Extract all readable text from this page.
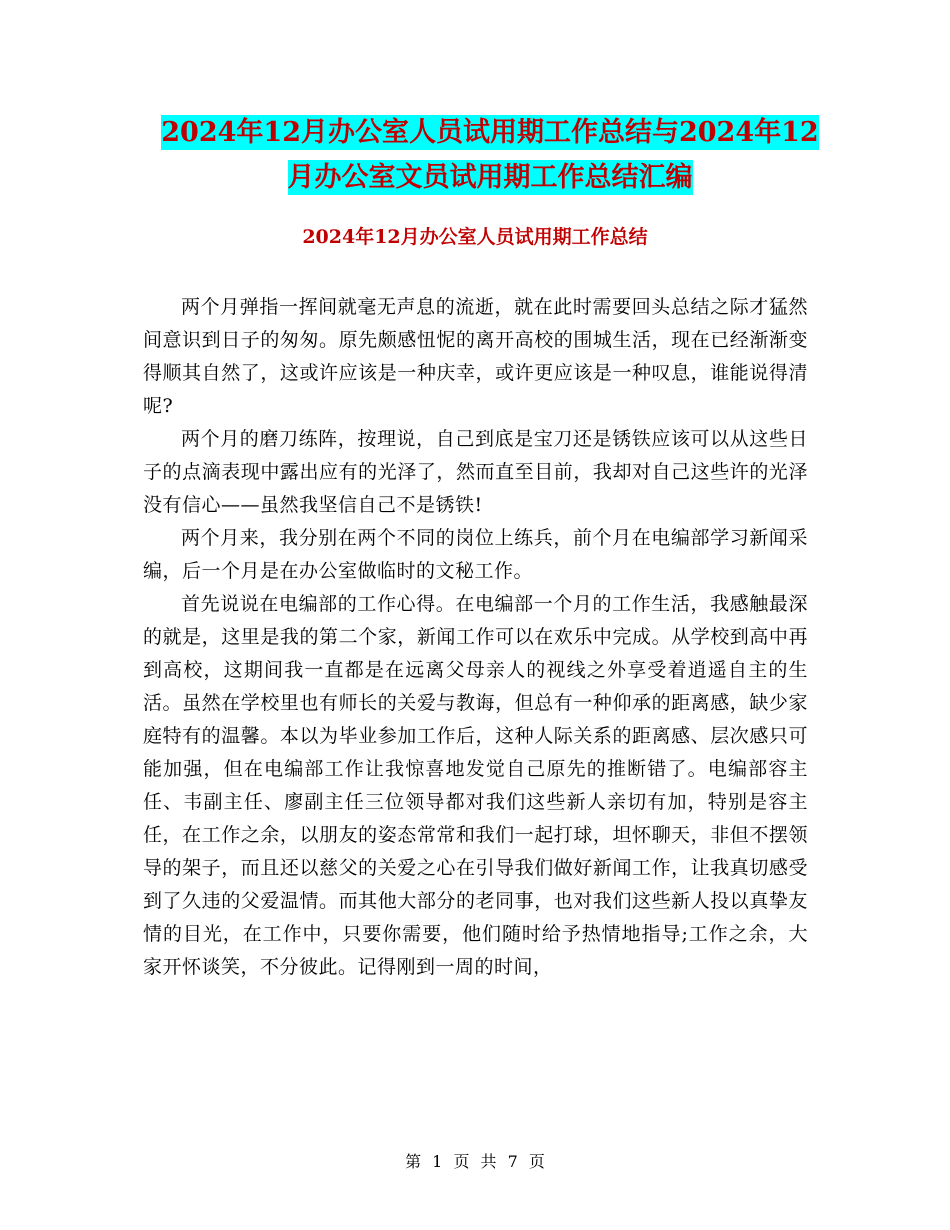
2024年12月办公室人员试用期工作总结与2024年12月办公室文员试用期工作总结汇编
2024年12月办公室人员试用期工作总结

两个月弹指一挥间就毫无声息的流逝，就在此时需要回头总结之际才猛然间意识到日子的匆匆。原先颇感忸怩的离开高校的围城生活，现在已经渐渐变得顺其自然了，这或许应该是一种庆幸，或许更应该是一种叹息，谁能说得清呢?

两个月的磨刀练阵，按理说，自己到底是宝刀还是锈铁应该可以从这些日子的点滴表现中露出应有的光泽了，然而直至目前，我却对自己这些许的光泽没有信心——虽然我坚信自己不是锈铁!

两个月来，我分别在两个不同的岗位上练兵，前个月在电编部学习新闻采编，后一个月是在办公室做临时的文秘工作。

首先说说在电编部的工作心得。在电编部一个月的工作生活，我感触最深的就是，这里是我的第二个家，新闻工作可以在欢乐中完成。从学校到高中再到高校，这期间我一直都是在远离父母亲人的视线之外享受着逍遥自主的生活。虽然在学校里也有师长的关爱与教诲，但总有一种仰承的距离感，缺少家庭特有的温馨。本以为毕业参加工作后，这种人际关系的距离感、层次感只可能加强，但在电编部工作让我惊喜地发觉自己原先的推断错了。电编部容主任、韦副主任、廖副主任三位领导都对我们这些新人亲切有加，特别是容主任，在工作之余，以朋友的姿态常常和我们一起打球，坦怀聊天，非但不摆领导的架子，而且还以慈父的关爱之心在引导我们做好新闻工作，让我真切感受到了久违的父爱温情。而其他大部分的老同事，也对我们这些新人投以真挚友情的目光，在工作中，只要你需要，他们随时给予热情地指导;工作之余，大家开怀谈笑，不分彼此。记得刚到一周的时间，

第 1 页 共 7 页
